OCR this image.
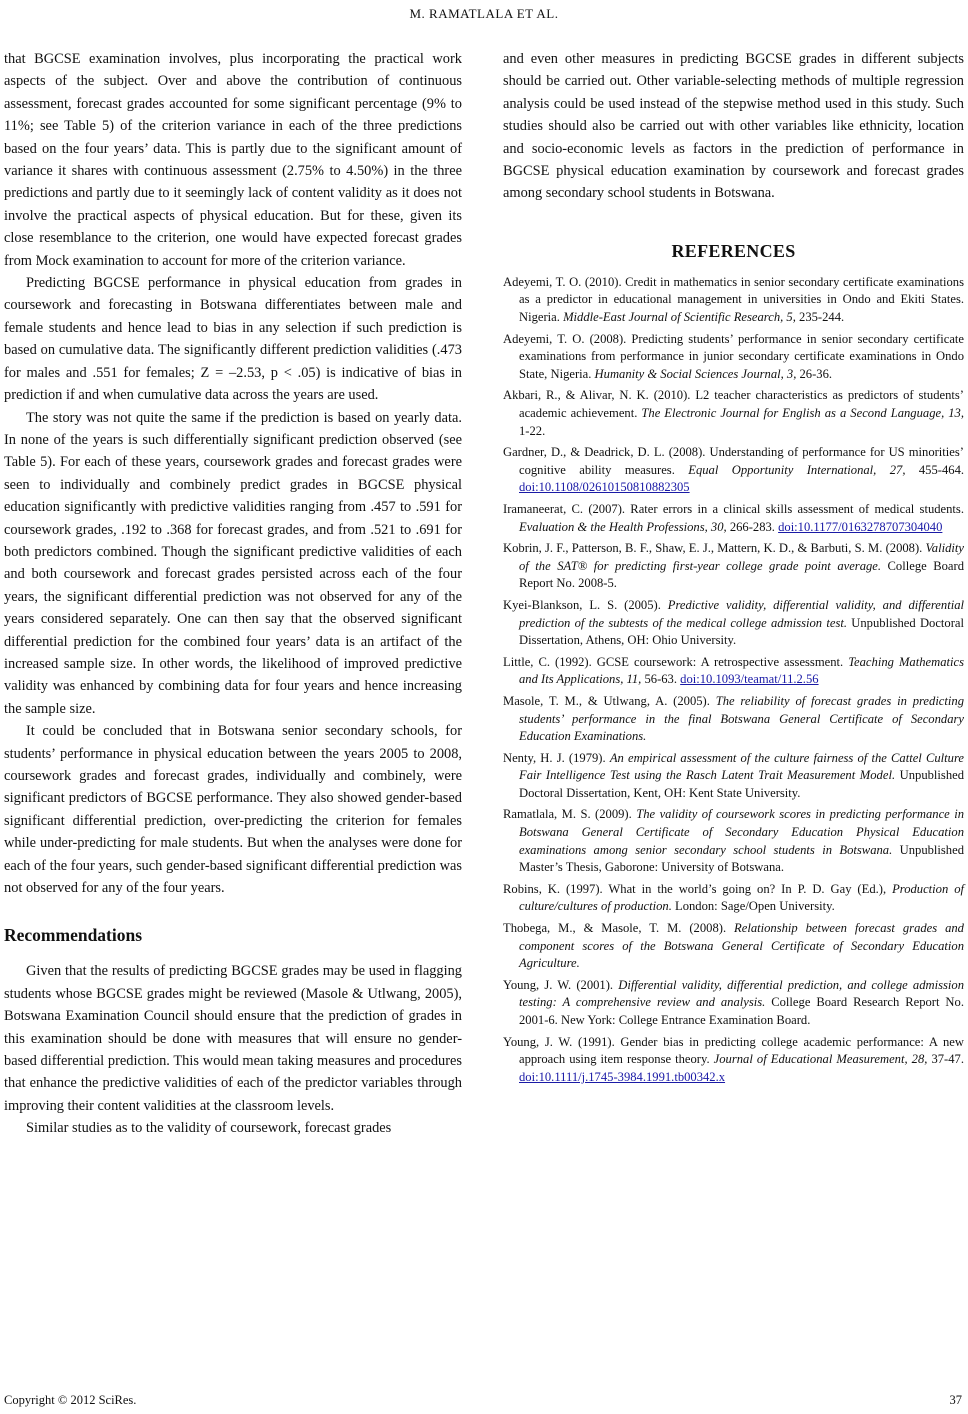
M. RAMATLALA ET AL.

that BGCSE examination involves, plus incorporating the practical work aspects of the subject. Over and above the contribution of continuous assessment, forecast grades accounted for some significant percentage (9% to 11%; see Table 5) of the criterion variance in each of the three predictions based on the four years’ data. This is partly due to the significant amount of variance it shares with continuous assessment (2.75% to 4.50%) in the three predictions and partly due to it seemingly lack of content validity as it does not involve the practical aspects of physical education. But for these, given its close resemblance to the criterion, one would have expected forecast grades from Mock examination to account for more of the criterion variance.

Predicting BGCSE performance in physical education from grades in coursework and forecasting in Botswana differentiates between male and female students and hence lead to bias in any selection if such prediction is based on cumulative data. The significantly different prediction validities (.473 for males and .551 for females; Z = –2.53, p < .05) is indicative of bias in prediction if and when cumulative data across the years are used.

The story was not quite the same if the prediction is based on yearly data. In none of the years is such differentially significant prediction observed (see Table 5). For each of these years, coursework grades and forecast grades were seen to individually and combinely predict grades in BGCSE physical education significantly with predictive validities ranging from .457 to .591 for coursework grades, .192 to .368 for forecast grades, and from .521 to .691 for both predictors combined. Though the significant predictive validities of each and both coursework and forecast grades persisted across each of the four years, the significant differential prediction was not observed for any of the years considered separately. One can then say that the observed significant differential prediction for the combined four years’ data is an artifact of the increased sample size. In other words, the likelihood of improved predictive validity was enhanced by combining data for four years and hence increasing the sample size.

It could be concluded that in Botswana senior secondary schools, for students’ performance in physical education between the years 2005 to 2008, coursework grades and forecast grades, individually and combinely, were significant predictors of BGCSE performance. They also showed gender-based significant differential prediction, over-predicting the criterion for females while under-predicting for male students. But when the analyses were done for each of the four years, such gender-based significant differential prediction was not observed for any of the four years.

Recommendations

Given that the results of predicting BGCSE grades may be used in flagging students whose BGCSE grades might be reviewed (Masole & Utlwang, 2005), Botswana Examination Council should ensure that the prediction of grades in this examination should be done with measures that will ensure no gender-based differential prediction. This would mean taking measures and procedures that enhance the predictive validities of each of the predictor variables through improving their content validities at the classroom levels.

Similar studies as to the validity of coursework, forecast grades

and even other measures in predicting BGCSE grades in different subjects should be carried out. Other variable-selecting methods of multiple regression analysis could be used instead of the stepwise method used in this study. Such studies should also be carried out with other variables like ethnicity, location and socio-economic levels as factors in the prediction of performance in BGCSE physical education examination by coursework and forecast grades among secondary school students in Botswana.

REFERENCES

Adeyemi, T. O. (2010). Credit in mathematics in senior secondary certificate examinations as a predictor in educational management in universities in Ondo and Ekiti States. Nigeria. Middle-East Journal of Scientific Research, 5, 235-244.

Adeyemi, T. O. (2008). Predicting students’ performance in senior secondary certificate examinations from performance in junior secondary certificate examinations in Ondo State, Nigeria. Humanity & Social Sciences Journal, 3, 26-36.

Akbari, R., & Alivar, N. K. (2010). L2 teacher characteristics as predictors of students’ academic achievement. The Electronic Journal for English as a Second Language, 13, 1-22.

Gardner, D., & Deadrick, D. L. (2008). Understanding of performance for US minorities’ cognitive ability measures. Equal Opportunity International, 27, 455-464. doi:10.1108/02610150810882305

Iramaneerat, C. (2007). Rater errors in a clinical skills assessment of medical students. Evaluation & the Health Professions, 30, 266-283. doi:10.1177/0163278707304040

Kobrin, J. F., Patterson, B. F., Shaw, E. J., Mattern, K. D., & Barbuti, S. M. (2008). Validity of the SAT® for predicting first-year college grade point average. College Board Report No. 2008-5.

Kyei-Blankson, L. S. (2005). Predictive validity, differential validity, and differential prediction of the subtests of the medical college admission test. Unpublished Doctoral Dissertation, Athens, OH: Ohio University.

Little, C. (1992). GCSE coursework: A retrospective assessment. Teaching Mathematics and Its Applications, 11, 56-63. doi:10.1093/teamat/11.2.56

Masole, T. M., & Utlwang, A. (2005). The reliability of forecast grades in predicting students’ performance in the final Botswana General Certificate of Secondary Education Examinations.

Nenty, H. J. (1979). An empirical assessment of the culture fairness of the Cattel Culture Fair Intelligence Test using the Rasch Latent Trait Measurement Model. Unpublished Doctoral Dissertation, Kent, OH: Kent State University.

Ramatlala, M. S. (2009). The validity of coursework scores in predicting performance in Botswana General Certificate of Secondary Education Physical Education examinations among senior secondary school students in Botswana. Unpublished Master’s Thesis, Gaborone: University of Botswana.

Robins, K. (1997). What in the world’s going on? In P. D. Gay (Ed.), Production of culture/cultures of production. London: Sage/Open University.

Thobega, M., & Masole, T. M. (2008). Relationship between forecast grades and component scores of the Botswana General Certificate of Secondary Education Agriculture.

Young, J. W. (2001). Differential validity, differential prediction, and college admission testing: A comprehensive review and analysis. College Board Research Report No. 2001-6. New York: College Entrance Examination Board.

Young, J. W. (1991). Gender bias in predicting college academic performance: A new approach using item response theory. Journal of Educational Measurement, 28, 37-47. doi:10.1111/j.1745-3984.1991.tb00342.x

Copyright © 2012 SciRes.	37
